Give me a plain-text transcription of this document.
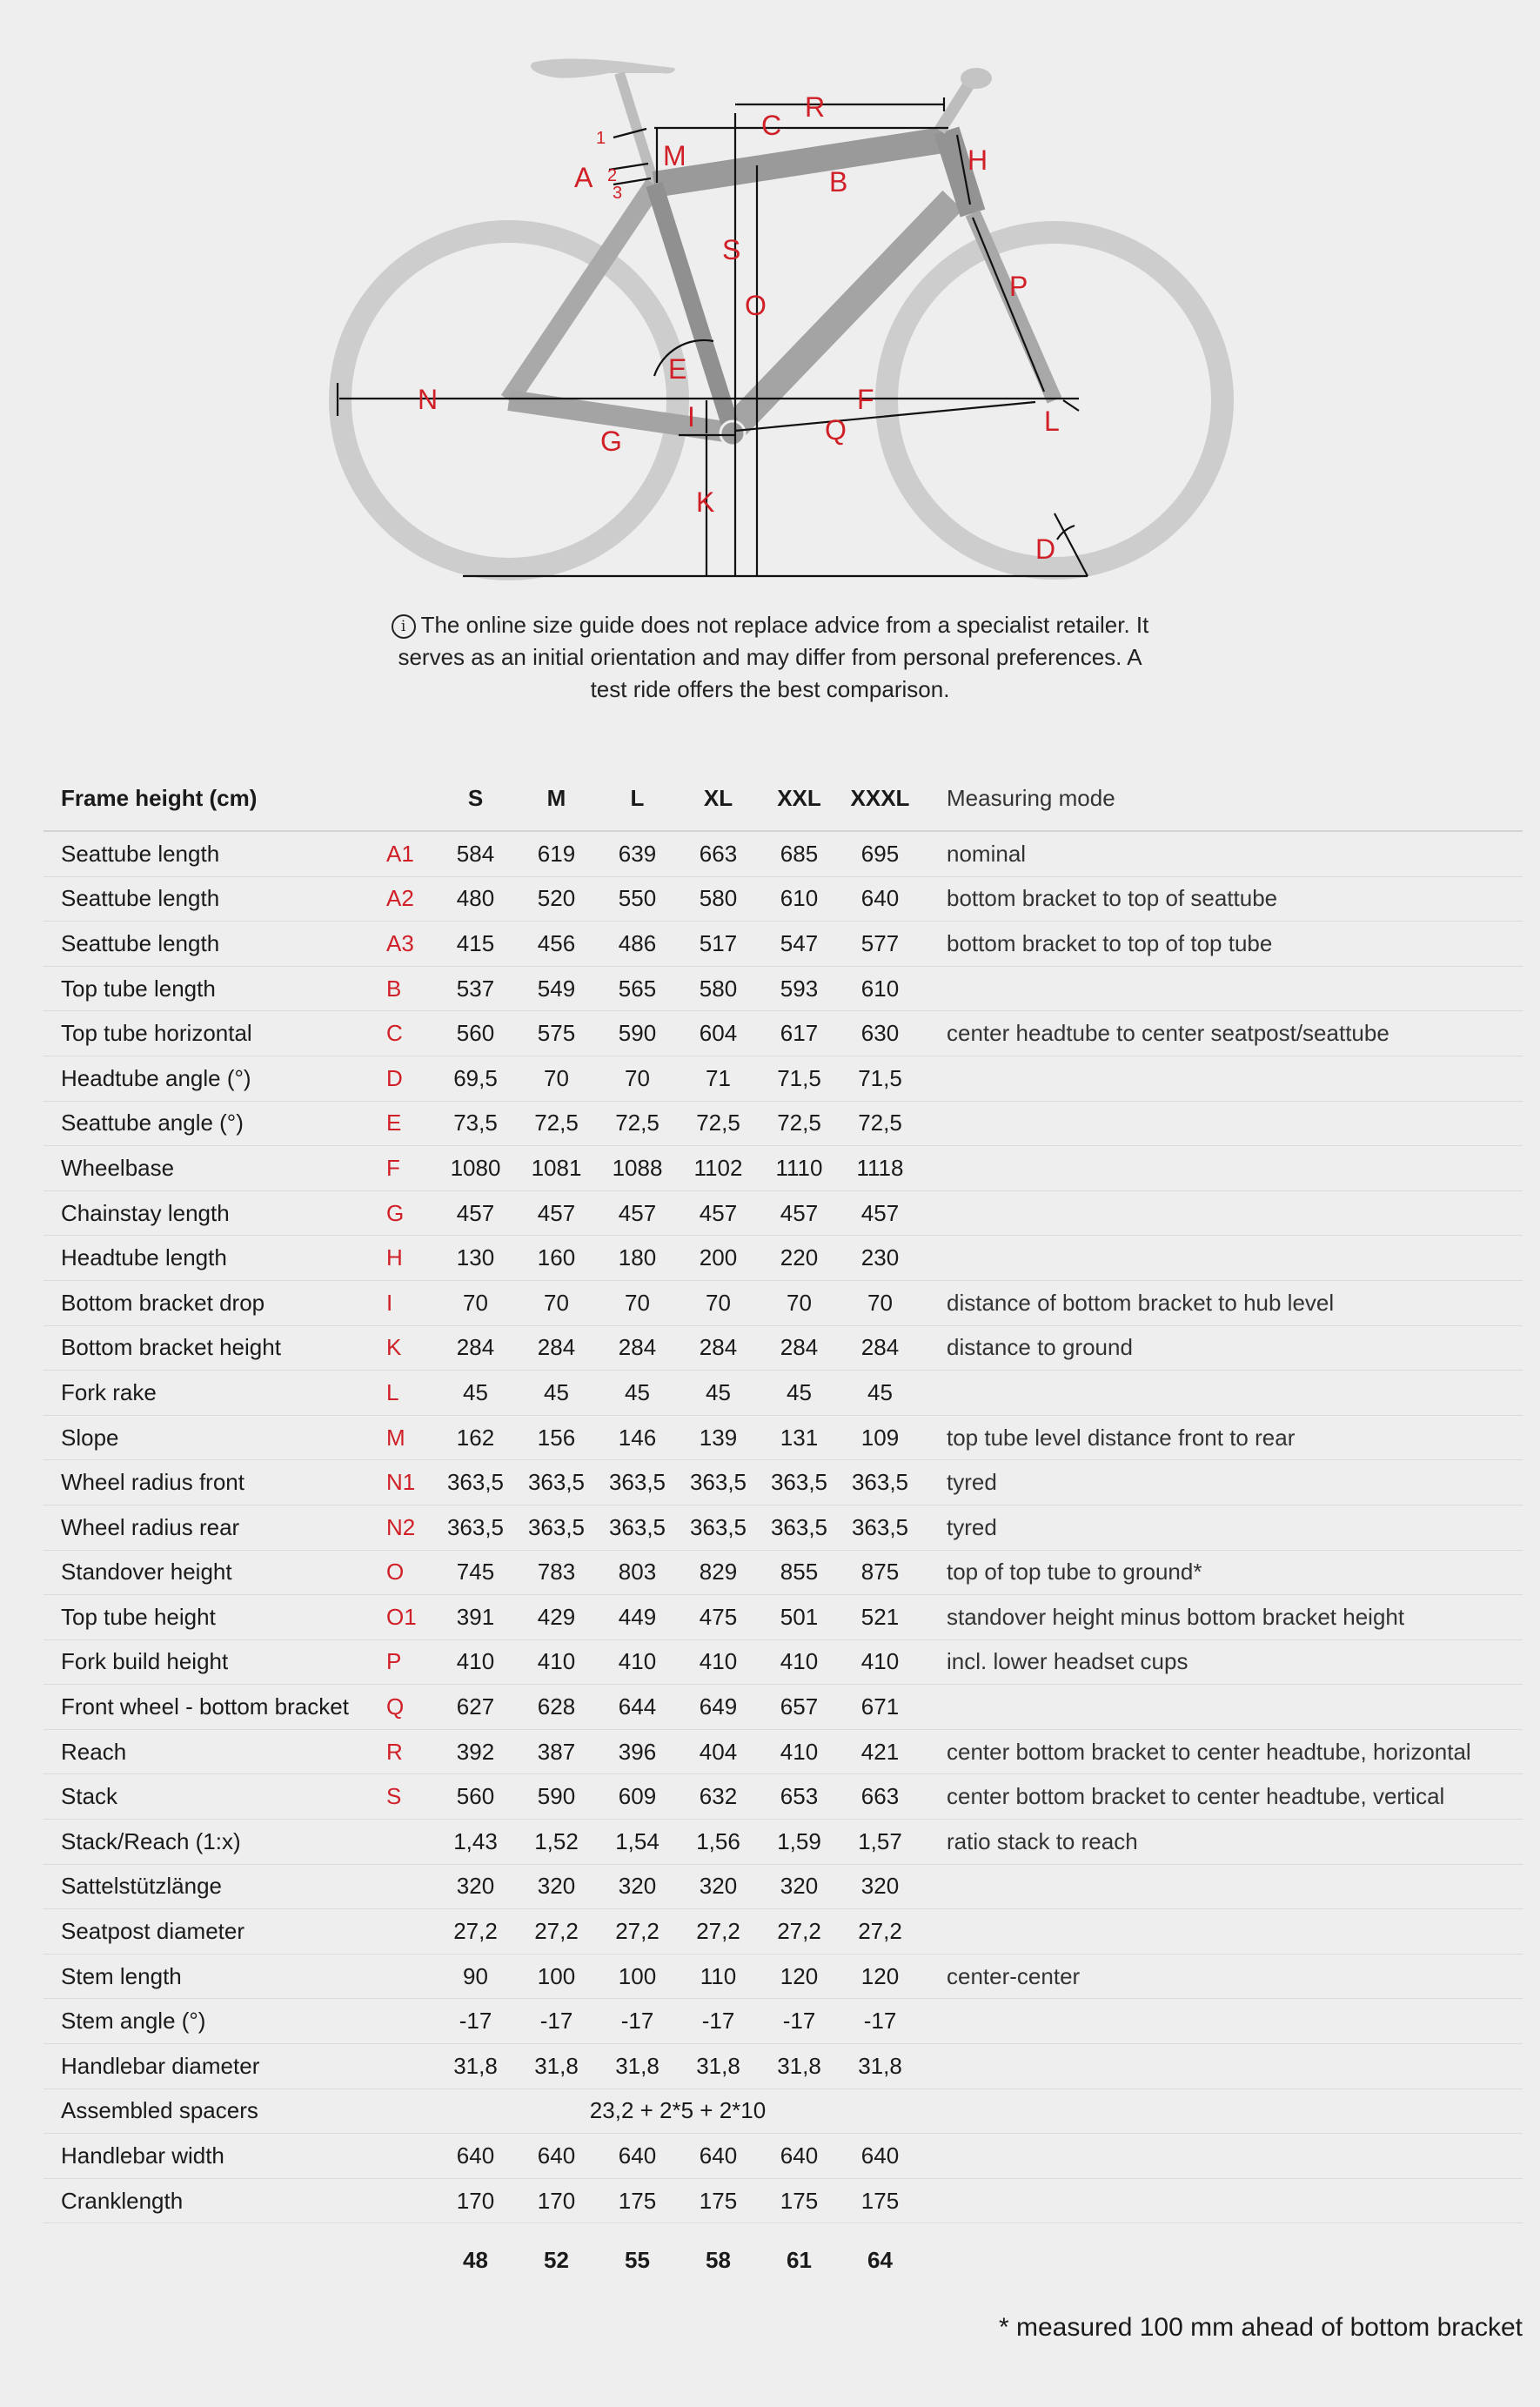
A
1
2
3
M
C
R
B
H
S
O
P
E
N
I
F
L
G	Q
K
D
i The online size guide does not replace advice from a specialist retailer. It
serves as an initial orientation and may differ from personal preferences. A
test ride offers the best comparison.
Frame height (cm)		S	M	L	XL	XXL	XXXL	Measuring mode
Seattube length	A1	584	619	639	663	685	695	nominal
Seattube length	A2	480	520	550	580	610	640	bottom bracket to top of seattube
Seattube length	A3	415	456	486	517	547	577	bottom bracket to top of top tube
Top tube length	B	537	549	565	580	593	610	
Top tube horizontal	C	560	575	590	604	617	630	center headtube to center seatpost/seattube
Headtube angle (°)	D	69,5	70	70	71	71,5	71,5	
Seattube angle (°)	E	73,5	72,5	72,5	72,5	72,5	72,5	
Wheelbase	F	1080	1081	1088	1102	1110	1118	
Chainstay length	G	457	457	457	457	457	457	
Headtube length	H	130	160	180	200	220	230	
Bottom bracket drop	I	70	70	70	70	70	70	distance of bottom bracket to hub level
Bottom bracket height	K	284	284	284	284	284	284	distance to ground
Fork rake	L	45	45	45	45	45	45	
Slope	M	162	156	146	139	131	109	top tube level distance front to rear
Wheel radius front	N1	363,5	363,5	363,5	363,5	363,5	363,5	tyred
Wheel radius rear	N2	363,5	363,5	363,5	363,5	363,5	363,5	tyred
Standover height	O	745	783	803	829	855	875	top of top tube to ground*
Top tube height	O1	391	429	449	475	501	521	standover height minus bottom bracket height
Fork build height	P	410	410	410	410	410	410	incl. lower headset cups
Front wheel - bottom bracket	Q	627	628	644	649	657	671	
Reach	R	392	387	396	404	410	421	center bottom bracket to center headtube, horizontal
Stack	S	560	590	609	632	653	663	center bottom bracket to center headtube, vertical
Stack/Reach (1:x)		1,43	1,52	1,54	1,56	1,59	1,57	ratio stack to reach
Sattelstützlänge		320	320	320	320	320	320	
Seatpost diameter		27,2	27,2	27,2	27,2	27,2	27,2	
Stem length		90	100	100	110	120	120	center-center
Stem angle (°)		-17	-17	-17	-17	-17	-17	
Handlebar diameter		31,8	31,8	31,8	31,8	31,8	31,8	
Assembled spacers		23,2 + 2*5 + 2*10						
Handlebar width		640	640	640	640	640	640	
Cranklength		170	170	175	175	175	175	
		48	52	55	58	61	64	
* measured 100 mm ahead of bottom bracket
